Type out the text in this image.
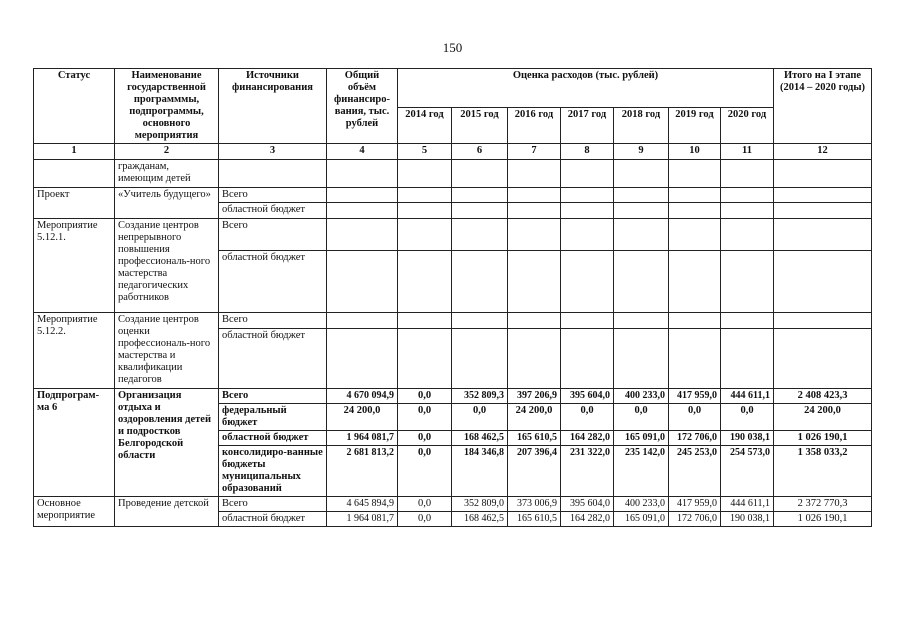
150
Статус	Наименование государственной программмы, подпрограммы, основного мероприятия	Источники финансирования	Общий объём финансиро-вания, тыс. рублей	Оценка расходов (тыс. рублей)							Итого на I этапе (2014 – 2020 годы)
				2014 год	2015 год	2016 год	2017 год	2018 год	2019 год	2020 год	
1	2	3	4	5	6	7	8	9	10	11	12
	гражданам, имеющим детей										
Проект	«Учитель будущего»	Всего									
		областной бюджет									
Мероприятие 5.12.1.	Создание центров непрерывного повышения профессиональ-ного мастерства педагогических работников	Всего									
		областной бюджет									
Мероприятие 5.12.2.	Создание центров оценки профессиональ-ного мастерства и квалификации педагогов	Всего									
		областной бюджет									
Подпрограм-ма 6	Организация отдыха и оздоровления детей и подростков Белгородской области	Всего	4 670 094,9	0,0	352 809,3	397 206,9	395 604,0	400 233,0	417 959,0	444 611,1	2 408 423,3
		федеральный бюджет	24 200,0	0,0	0,0	24 200,0	0,0	0,0	0,0	0,0	24 200,0
		областной бюджет	1 964 081,7	0,0	168 462,5	165 610,5	164 282,0	165 091,0	172 706,0	190 038,1	1 026 190,1
		консолидиро-ванные бюджеты муниципальных образований	2 681 813,2	0,0	184 346,8	207 396,4	231 322,0	235 142,0	245 253,0	254 573,0	1 358 033,2
Основное мероприятие	Проведение детской	Всего	4 645 894,9	0,0	352 809,0	373 006,9	395 604,0	400 233,0	417 959,0	444 611,1	2 372 770,3
		областной бюджет	1 964 081,7	0,0	168 462,5	165 610,5	164 282,0	165 091,0	172 706,0	190 038,1	1 026 190,1
